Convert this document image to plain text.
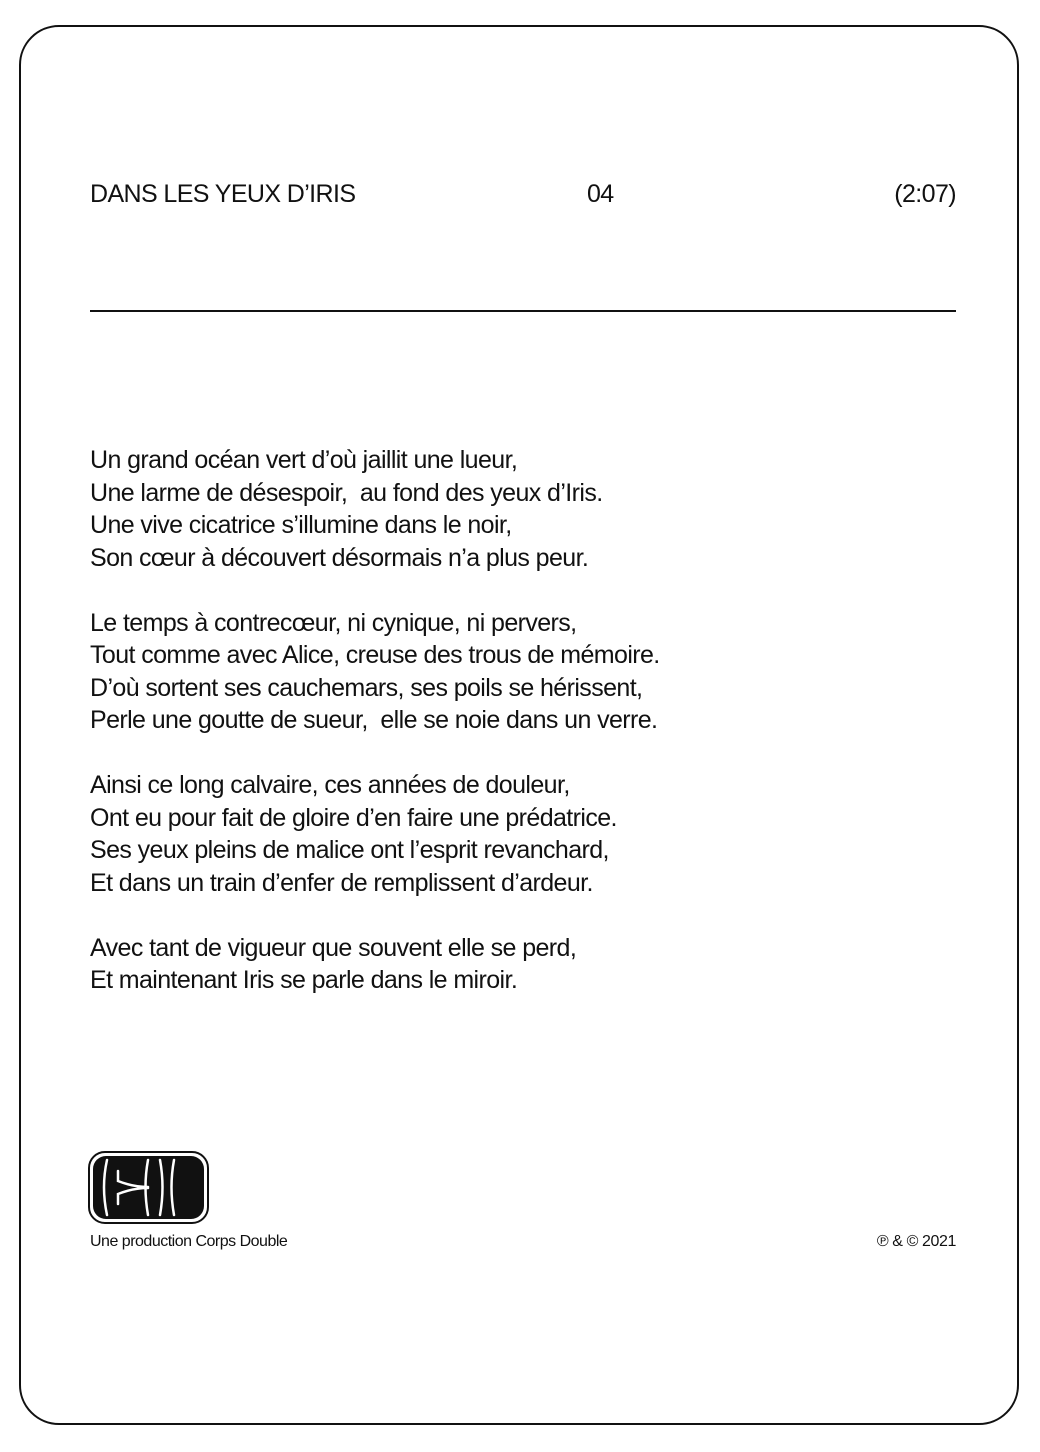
DANS LES YEUX D’IRIS	04	(2:07)
Un grand océan vert d’où jaillit une lueur,
Une larme de désespoir,  au fond des yeux d’Iris.
Une vive cicatrice s’illumine dans le noir,
Son cœur à découvert désormais n’a plus peur.
Le temps à contrecœur, ni cynique, ni pervers,
Tout comme avec Alice, creuse des trous de mémoire.
D’où sortent ses cauchemars, ses poils se hérissent,
Perle une goutte de sueur,  elle se noie dans un verre.
Ainsi ce long calvaire, ces années de douleur,
Ont eu pour fait de gloire d’en faire une prédatrice.
Ses yeux pleins de malice ont l’esprit revanchard,
Et dans un train d’enfer de remplissent d’ardeur.
Avec tant de vigueur que souvent elle se perd,
Et maintenant Iris se parle dans le miroir.
Une production Corps Double	℗ & © 2021
